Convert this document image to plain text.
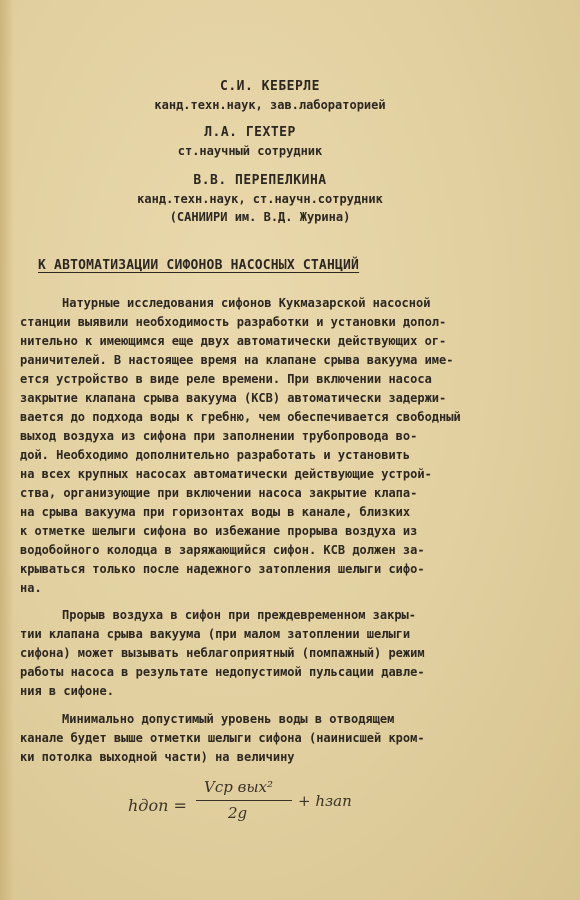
С.И. КЕБЕРЛЕ
канд.техн.наук, зав.лабораторией
Л.А. ГЕХТЕР
ст.научный сотрудник
В.В. ПЕРЕПЕЛКИНА
канд.техн.наук, ст.научн.сотрудник
(САНИИРИ им. В.Д. Журина)
К АВТОМАТИЗАЦИИ СИФОНОВ НАСОСНЫХ СТАНЦИЙ
Натурные исследования сифонов Кукмазарской насосной
станции выявили необходимость разработки и установки допол-
нительно к имеющимся еще двух автоматически действующих ог-
раничителей. В настоящее время на клапане срыва вакуума име-
ется устройство в виде реле времени. При включении насоса
закрытие клапана срыва вакуума (КСВ) автоматически задержи-
вается до подхода воды к гребню, чем обеспечивается свободный
выход воздуха из сифона при заполнении трубопровода во-
дой. Необходимо дополнительно разработать и установить
на всех крупных насосах автоматически действующие устрой-
ства, организующие при включении насоса закрытие клапа-
на срыва вакуума при горизонтах воды в канале, близких
к отметке шелыги сифона во избежание прорыва воздуха из
водобойного колодца в заряжающийся сифон. КСВ должен за-
крываться только после надежного затопления шелыги сифо-
на.
Прорыв воздуха в сифон при преждевременном закры-
тии клапана срыва вакуума (при малом затоплении шелыги
сифона) может вызывать неблагоприятный (помпажный) режим
работы насоса в результате недопустимой пульсации давле-
ния в сифоне.
Минимально допустимый уровень воды в отводящем
канале будет выше отметки шелыги сифона (наинисшей кром-
ки потолка выходной части) на величину
hдоп =
Vср вых²
2g
+ hзап
